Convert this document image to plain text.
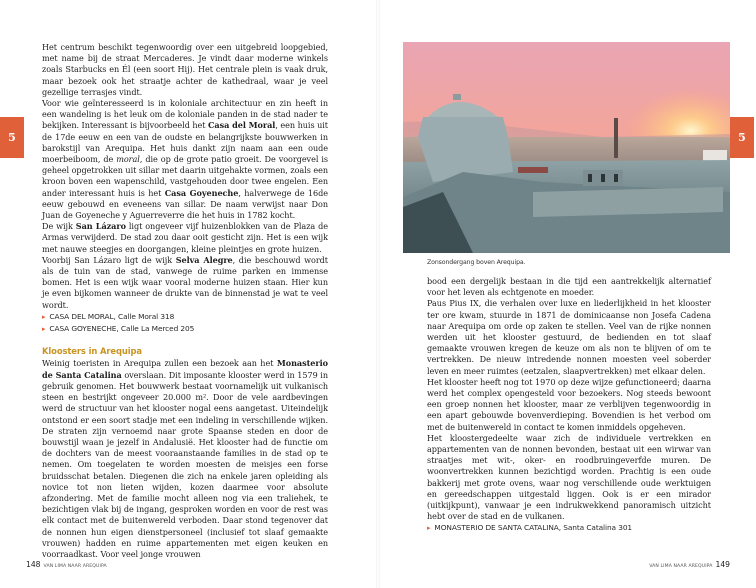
5

Het centrum beschikt tegenwoordig over een uitgebreid loopgebied, met name bij de straat Mercaderes. Je vindt daar moderne winkels zoals Starbucks en Él (een soort Hij). Het centrale plein is vaak druk, maar bezoek ook het straatje achter de kathedraal, waar je veel gezellige terrasjes vindt.

Voor wie geïnteresseerd is in koloniale architectuur en zin heeft in een wandeling is het leuk om de koloniale panden in de stad nader te bekijken. Interessant is bijvoorbeeld het Casa del Moral, een huis uit de 17de eeuw en een van de oudste en belangrijkste bouwwerken in barokstijl van Arequipa. Het huis dankt zijn naam aan een oude moerbeiboom, de moral, die op de grote patio groeit. De voorgevel is geheel opgetrokken uit sillar met daarin uitgehakte vormen, zoals een kroon boven een wapenschild, vastgehouden door twee engelen. Een ander interessant huis is het Casa Goyeneche, halverwege de 16de eeuw gebouwd en eveneens van sillar. De naam verwijst naar Don Juan de Goyeneche y Aguerreverre die het huis in 1782 kocht.

De wijk San Lázaro ligt ongeveer vijf huizenblokken van de Plaza de Armas verwijderd. De stad zou daar ooit gesticht zijn. Het is een wijk met nauwe steegjes en doorgangen, kleine pleintjes en grote huizen.

Voorbij San Lázaro ligt de wijk Selva Alegre, die beschouwd wordt als de tuin van de stad, vanwege de ruime parken en immense bomen. Het is een wijk waar vooral moderne huizen staan. Hier kun je even bijkomen wanneer de drukte van de binnenstad je wat te veel wordt.

▸ CASA DEL MORAL, Calle Moral 318
▸ CASA GOYENECHE, Calle La Merced 205
Kloosters in Arequipa

Weinig toeristen in Arequipa zullen een bezoek aan het Monasterio de Santa Catalina overslaan. Dit imposante klooster werd in 1579 in gebruik genomen. Het bouwwerk bestaat voornamelijk uit vulkanisch steen en bestrijkt ongeveer 20.000 m². Door de vele aardbevingen werd de structuur van het klooster nogal eens aangetast. Uiteindelijk ontstond er een soort stadje met een indeling in verschillende wijken. De straten zijn vernoemd naar grote Spaanse steden en door de bouwstijl waan je jezelf in Andalusië. Het klooster had de functie om de dochters van de meest vooraanstaande families in de stad op te nemen. Om toegelaten te worden moesten de meisjes een forse bruidsschat betalen. Diegenen die zich na enkele jaren opleiding als novice tot non lieten wijden, kozen daarmee voor absolute afzondering. Met de familie mocht alleen nog via een traliehek, te bezichtigen vlak bij de ingang, gesproken worden en voor de rest was elk contact met de buitenwereld verboden. Daar stond tegenover dat de nonnen hun eigen dienstpersoneel (inclusief tot slaaf gemaakte vrouwen) hadden en ruime appartementen met eigen keuken en voorraadkast. Voor veel jonge vrouwen

148 VAN LIMA NAAR AREQUIPA
Zonsondergang boven Arequipa.
5

bood een dergelijk bestaan in die tijd een aantrekkelijk alternatief voor het leven als echtgenote en moeder.

Paus Pius IX, die verhalen over luxe en liederlijkheid in het klooster ter ore kwam, stuurde in 1871 de dominicaanse non Josefa Cadena naar Arequipa om orde op zaken te stellen. Veel van de rijke nonnen werden uit het klooster gestuurd, de bedienden en tot slaaf gemaakte vrouwen kregen de keuze om als non te blijven of om te vertrekken. De nieuw intredende nonnen moesten veel soberder leven en meer ruimtes (eetzalen, slaapvertrekken) met elkaar delen.

Het klooster heeft nog tot 1970 op deze wijze gefunctioneerd; daarna werd het complex opengesteld voor bezoekers. Nog steeds bewoont een groep nonnen het klooster, maar ze verblijven tegenwoordig in een apart gebouwde bovenverdieping. Bovendien is het verbod om met de buitenwereld in contact te komen inmiddels opgeheven.

Het kloostergedeelte waar zich de individuele vertrekken en appartementen van de nonnen bevonden, bestaat uit een wirwar van straatjes met wit-, oker- en roodbruingeverfde muren. De woonvertrekken kunnen bezichtigd worden. Prachtig is een oude bakkerij met grote ovens, waar nog verschillende oude werktuigen en gereedschappen uitgestald liggen. Ook is er een mirador (uitkijkpunt), vanwaar je een indrukwekkend panoramisch uitzicht hebt over de stad en de vulkanen.

▸ MONASTERIO DE SANTA CATALINA, Santa Catalina 301
VAN LIMA NAAR AREQUIPA 149
